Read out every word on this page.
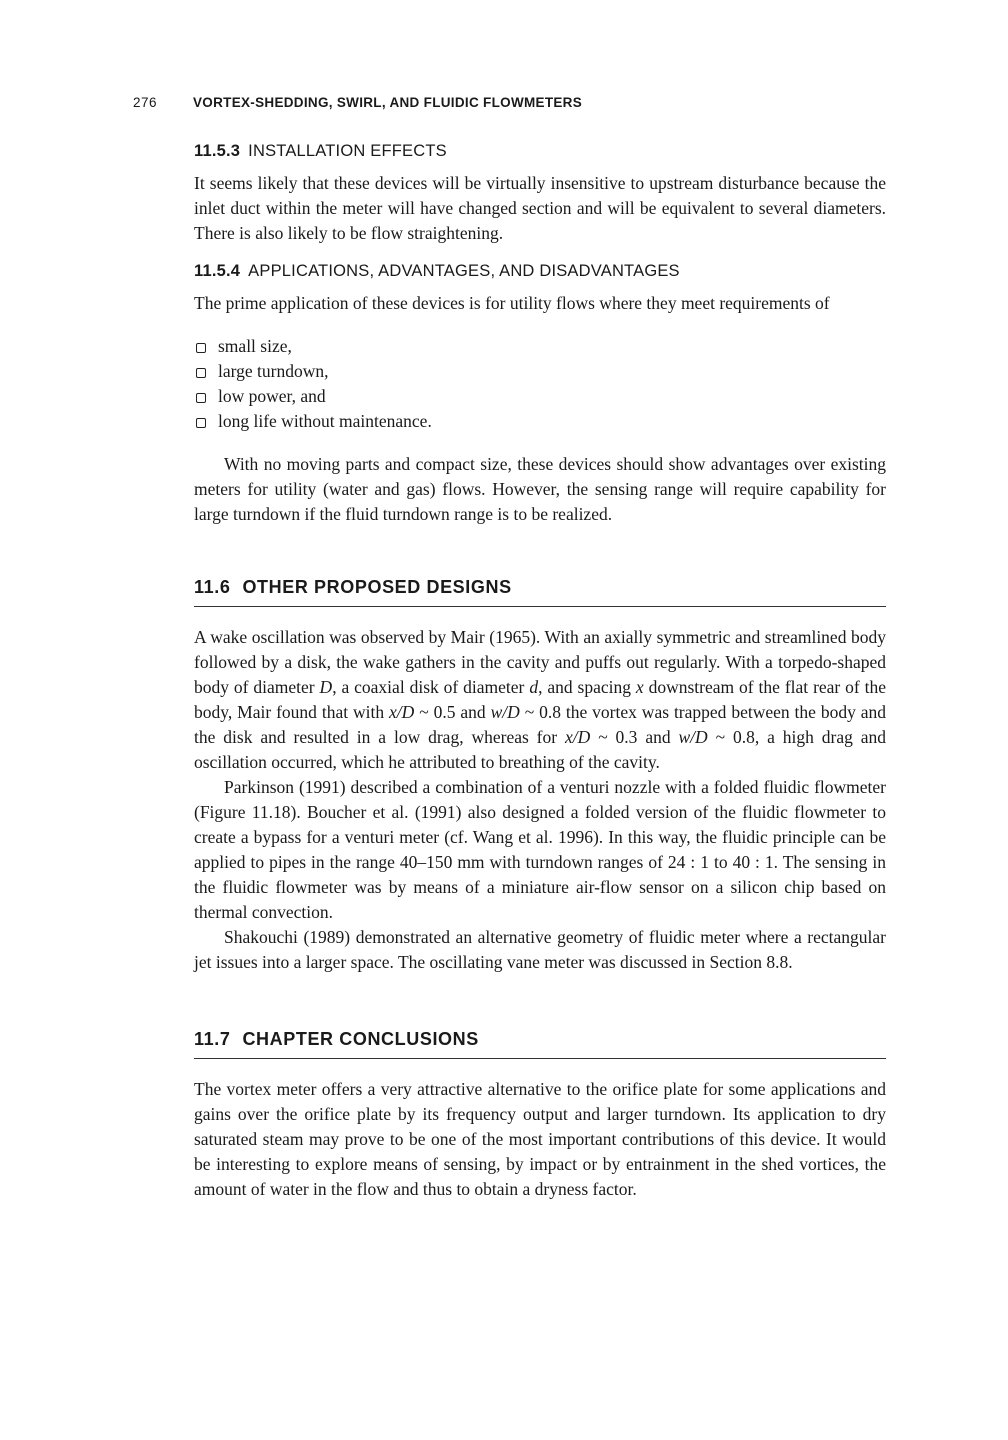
276	VORTEX-SHEDDING, SWIRL, AND FLUIDIC FLOWMETERS
11.5.3 INSTALLATION EFFECTS

It seems likely that these devices will be virtually insensitive to upstream disturbance because the inlet duct within the meter will have changed section and will be equivalent to several diameters. There is also likely to be flow straightening.

11.5.4 APPLICATIONS, ADVANTAGES, AND DISADVANTAGES

The prime application of these devices is for utility flows where they meet requirements of

small size,
large turndown,
low power, and
long life without maintenance.

With no moving parts and compact size, these devices should show advantages over existing meters for utility (water and gas) flows. However, the sensing range will require capability for large turndown if the fluid turndown range is to be realized.

11.6 OTHER PROPOSED DESIGNS

A wake oscillation was observed by Mair (1965). With an axially symmetric and streamlined body followed by a disk, the wake gathers in the cavity and puffs out regularly. With a torpedo-shaped body of diameter D, a coaxial disk of diameter d, and spacing x downstream of the flat rear of the body, Mair found that with x/D ~ 0.5 and w/D ~ 0.8 the vortex was trapped between the body and the disk and resulted in a low drag, whereas for x/D ~ 0.3 and w/D ~ 0.8, a high drag and oscillation occurred, which he attributed to breathing of the cavity.

Parkinson (1991) described a combination of a venturi nozzle with a folded fluidic flowmeter (Figure 11.18). Boucher et al. (1991) also designed a folded version of the fluidic flowmeter to create a bypass for a venturi meter (cf. Wang et al. 1996). In this way, the fluidic principle can be applied to pipes in the range 40–150 mm with turndown ranges of 24 : 1 to 40 : 1. The sensing in the fluidic flowmeter was by means of a miniature air-flow sensor on a silicon chip based on thermal convection.

Shakouchi (1989) demonstrated an alternative geometry of fluidic meter where a rectangular jet issues into a larger space. The oscillating vane meter was discussed in Section 8.8.

11.7 CHAPTER CONCLUSIONS

The vortex meter offers a very attractive alternative to the orifice plate for some applications and gains over the orifice plate by its frequency output and larger turndown. Its application to dry saturated steam may prove to be one of the most important contributions of this device. It would be interesting to explore means of sensing, by impact or by entrainment in the shed vortices, the amount of water in the flow and thus to obtain a dryness factor.
